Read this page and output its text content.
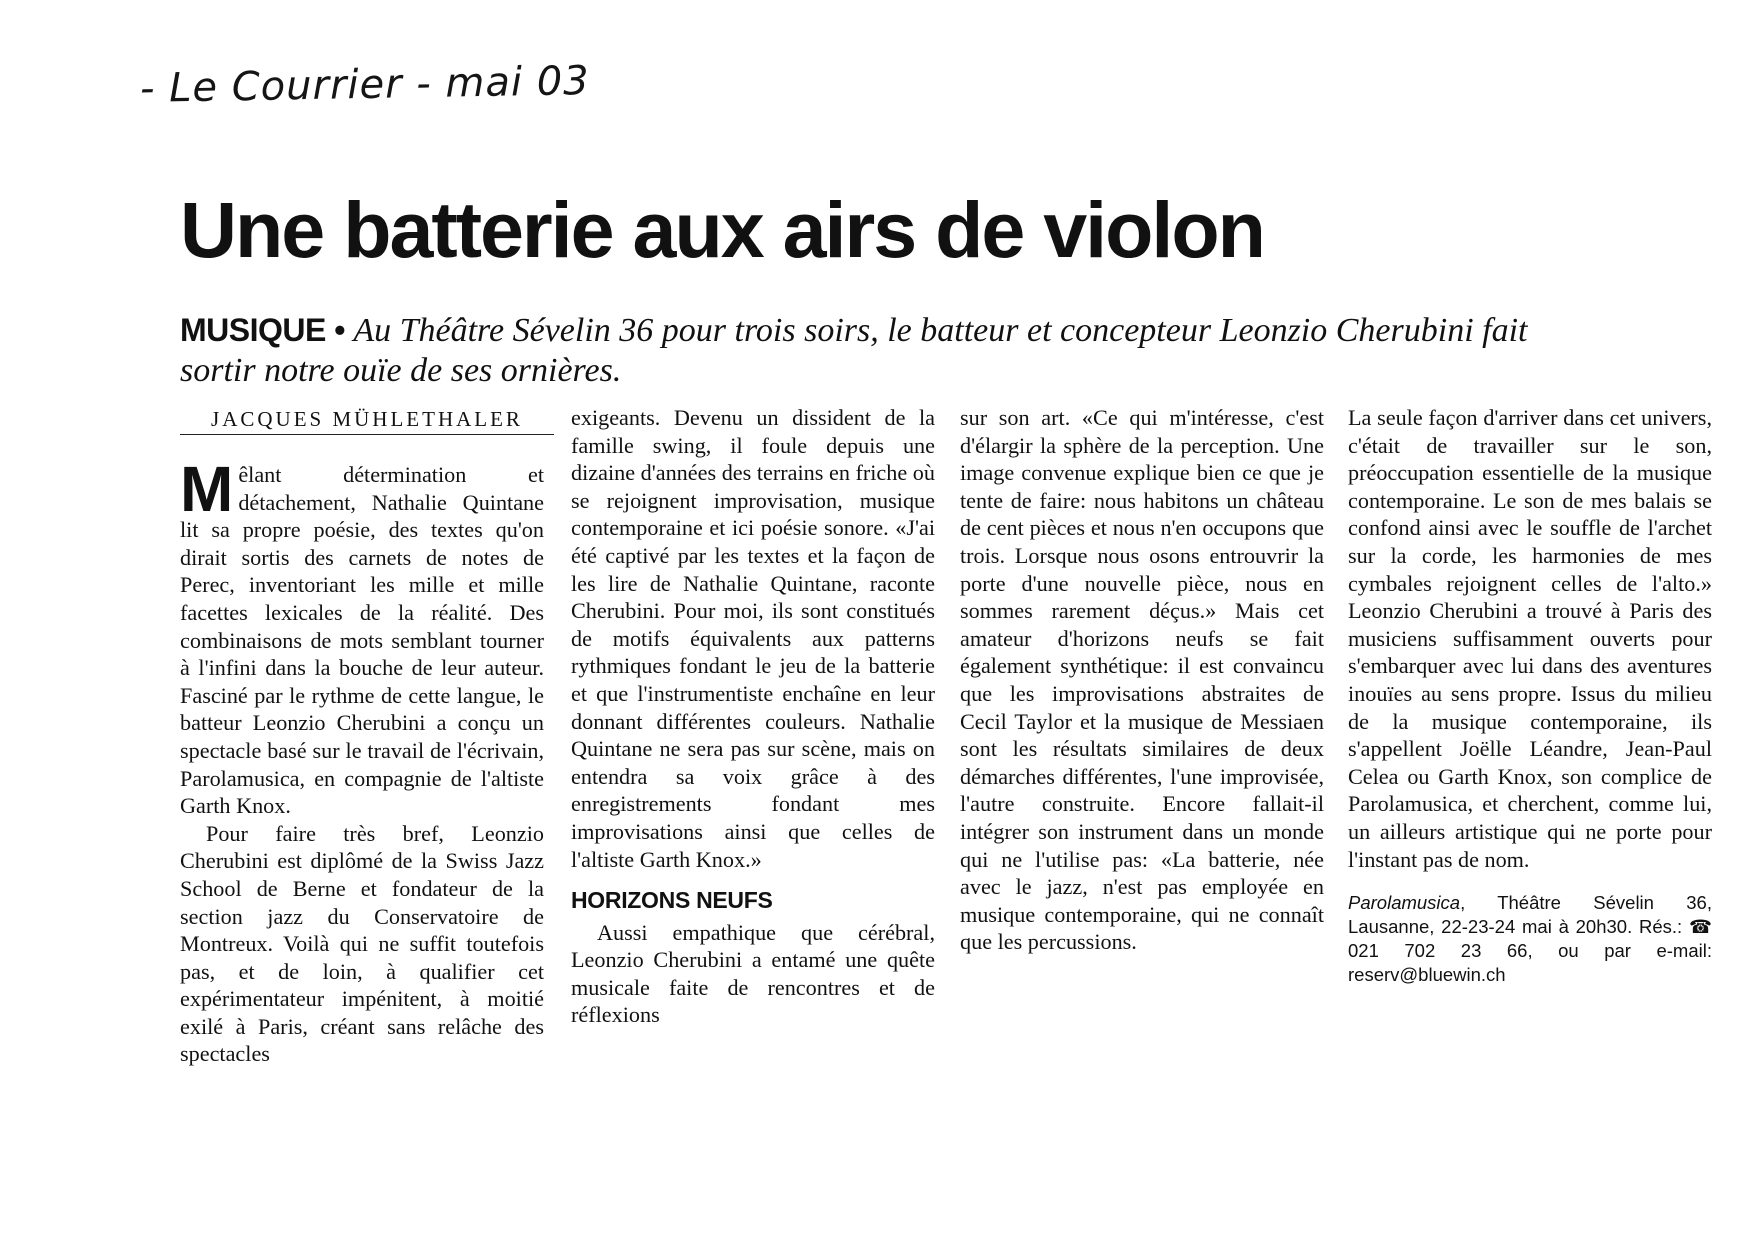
- Le Courrier - mai 03
Une batterie aux airs de violon
MUSIQUE • Au Théâtre Sévelin 36 pour trois soirs, le batteur et concepteur Leonzio Cherubini fait sortir notre ouïe de ses ornières.
JACQUES MÜHLETHALER

Mêlant détermination et détachement, Nathalie Quintane lit sa propre poésie, des textes qu'on dirait sortis des carnets de notes de Perec, inventoriant les mille et mille facettes lexicales de la réalité. Des combinaisons de mots semblant tourner à l'infini dans la bouche de leur auteur. Fasciné par le rythme de cette langue, le batteur Leonzio Cherubini a conçu un spectacle basé sur le travail de l'écrivain, Parolamusica, en compagnie de l'altiste Garth Knox.

Pour faire très bref, Leonzio Cherubini est diplômé de la Swiss Jazz School de Berne et fondateur de la section jazz du Conservatoire de Montreux. Voilà qui ne suffit toutefois pas, et de loin, à qualifier cet expérimentateur impénitent, à moitié exilé à Paris, créant sans relâche des spectacles

exigeants. Devenu un dissident de la famille swing, il foule depuis une dizaine d'années des terrains en friche où se rejoignent improvisation, musique contemporaine et ici poésie sonore. «J'ai été captivé par les textes et la façon de les lire de Nathalie Quintane, raconte Cherubini. Pour moi, ils sont constitués de motifs équivalents aux patterns rythmiques fondant le jeu de la batterie et que l'instrumentiste enchaîne en leur donnant différentes couleurs. Nathalie Quintane ne sera pas sur scène, mais on entendra sa voix grâce à des enregistrements fondant mes improvisations ainsi que celles de l'altiste Garth Knox.»

HORIZONS NEUFS

Aussi empathique que cérébral, Leonzio Cherubini a entamé une quête musicale faite de rencontres et de réflexions

sur son art. «Ce qui m'intéresse, c'est d'élargir la sphère de la perception. Une image convenue explique bien ce que je tente de faire: nous habitons un château de cent pièces et nous n'en occupons que trois. Lorsque nous osons entrouvrir la porte d'une nouvelle pièce, nous en sommes rarement déçus.» Mais cet amateur d'horizons neufs se fait également synthétique: il est convaincu que les improvisations abstraites de Cecil Taylor et la musique de Messiaen sont les résultats similaires de deux démarches différentes, l'une improvisée, l'autre construite. Encore fallait-il intégrer son instrument dans un monde qui ne l'utilise pas: «La batterie, née avec le jazz, n'est pas employée en musique contemporaine, qui ne connaît que les percussions.

La seule façon d'arriver dans cet univers, c'était de travailler sur le son, préoccupation essentielle de la musique contemporaine. Le son de mes balais se confond ainsi avec le souffle de l'archet sur la corde, les harmonies de mes cymbales rejoignent celles de l'alto.» Leonzio Cherubini a trouvé à Paris des musiciens suffisamment ouverts pour s'embarquer avec lui dans des aventures inouïes au sens propre. Issus du milieu de la musique contemporaine, ils s'appellent Joëlle Léandre, Jean-Paul Celea ou Garth Knox, son complice de Parolamusica, et cherchent, comme lui, un ailleurs artistique qui ne porte pour l'instant pas de nom.

Parolamusica, Théâtre Sévelin 36, Lausanne, 22-23-24 mai à 20h30. Rés.: ☎ 021 702 23 66, ou par e-mail: reserv@bluewin.ch
